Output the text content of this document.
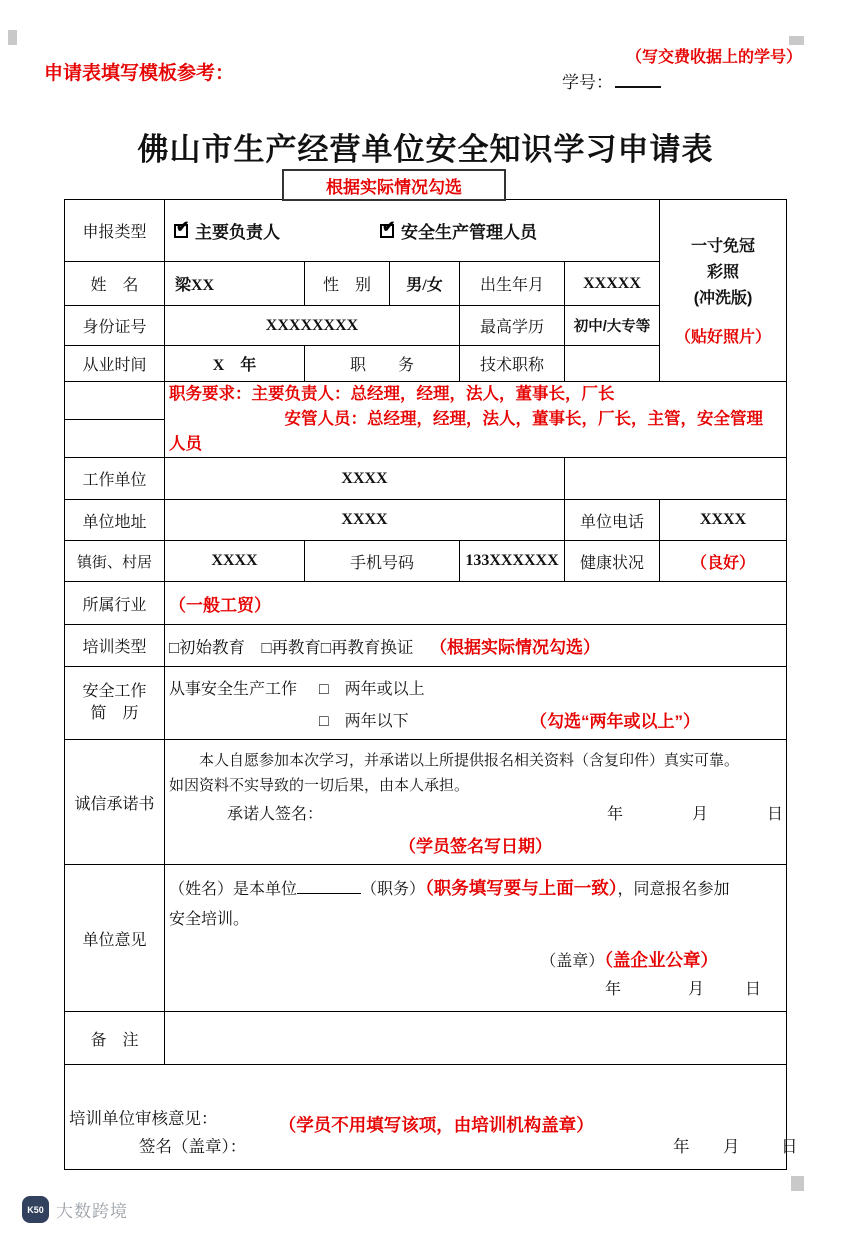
申请表填写模板参考：	学号：
（写交费收据上的学号）
佛山市生产经营单位安全知识学习申请表
根据实际情况勾选
申报类型	✔ 主要负责人	✔ 安全生产管理人员

一寸免冠
彩照
(冲洗版)
（贴好照片）

姓　名	梁XX	性　别	男/女	出生年月	XXXXX	
身份证号	XXXXXXXX			最高学历	初中/大专等	
从业时间	X　年	职　　务		技术职称		

	职务要求：主要负责人：总经理，经理，法人，董事长，厂长
安管人员：总经理，经理，法人，董事长，厂长，主管，安全管理
人员					

工作单位	XXXX					
单位地址	XXXX				单位电话	XXXX
镇街、村居	XXXX	手机号码		133XXXXXX	健康状况	（良好）
所属行业	（一般工贸）					
培训类型	□初始教育　□再教育□再教育换证 （根据实际情况勾选）					

安全工作
简　历

从事安全生产工作 □　两年或以上
□　两年以下	（勾选“两年或以上”）

诚信承诺书	
本人自愿参加本次学习，并承诺以上所提供报名相关资料（含复印件）真实可靠。
如因资料不实导致的一切后果，由本人承担。
承诺人签名：	年	月	日
（学员签名写日期）

单位意见	
（姓名）是本单位	（职务）（职务填写要与上面一致），同意报名参加
安全培训。
（盖章）（盖企业公章）
年	月	日

备　注						
培训单位审核意见： （学员不用填写该项，由培训机构盖章）
签名（盖章）： 年 月 日						
K50 大数跨境
